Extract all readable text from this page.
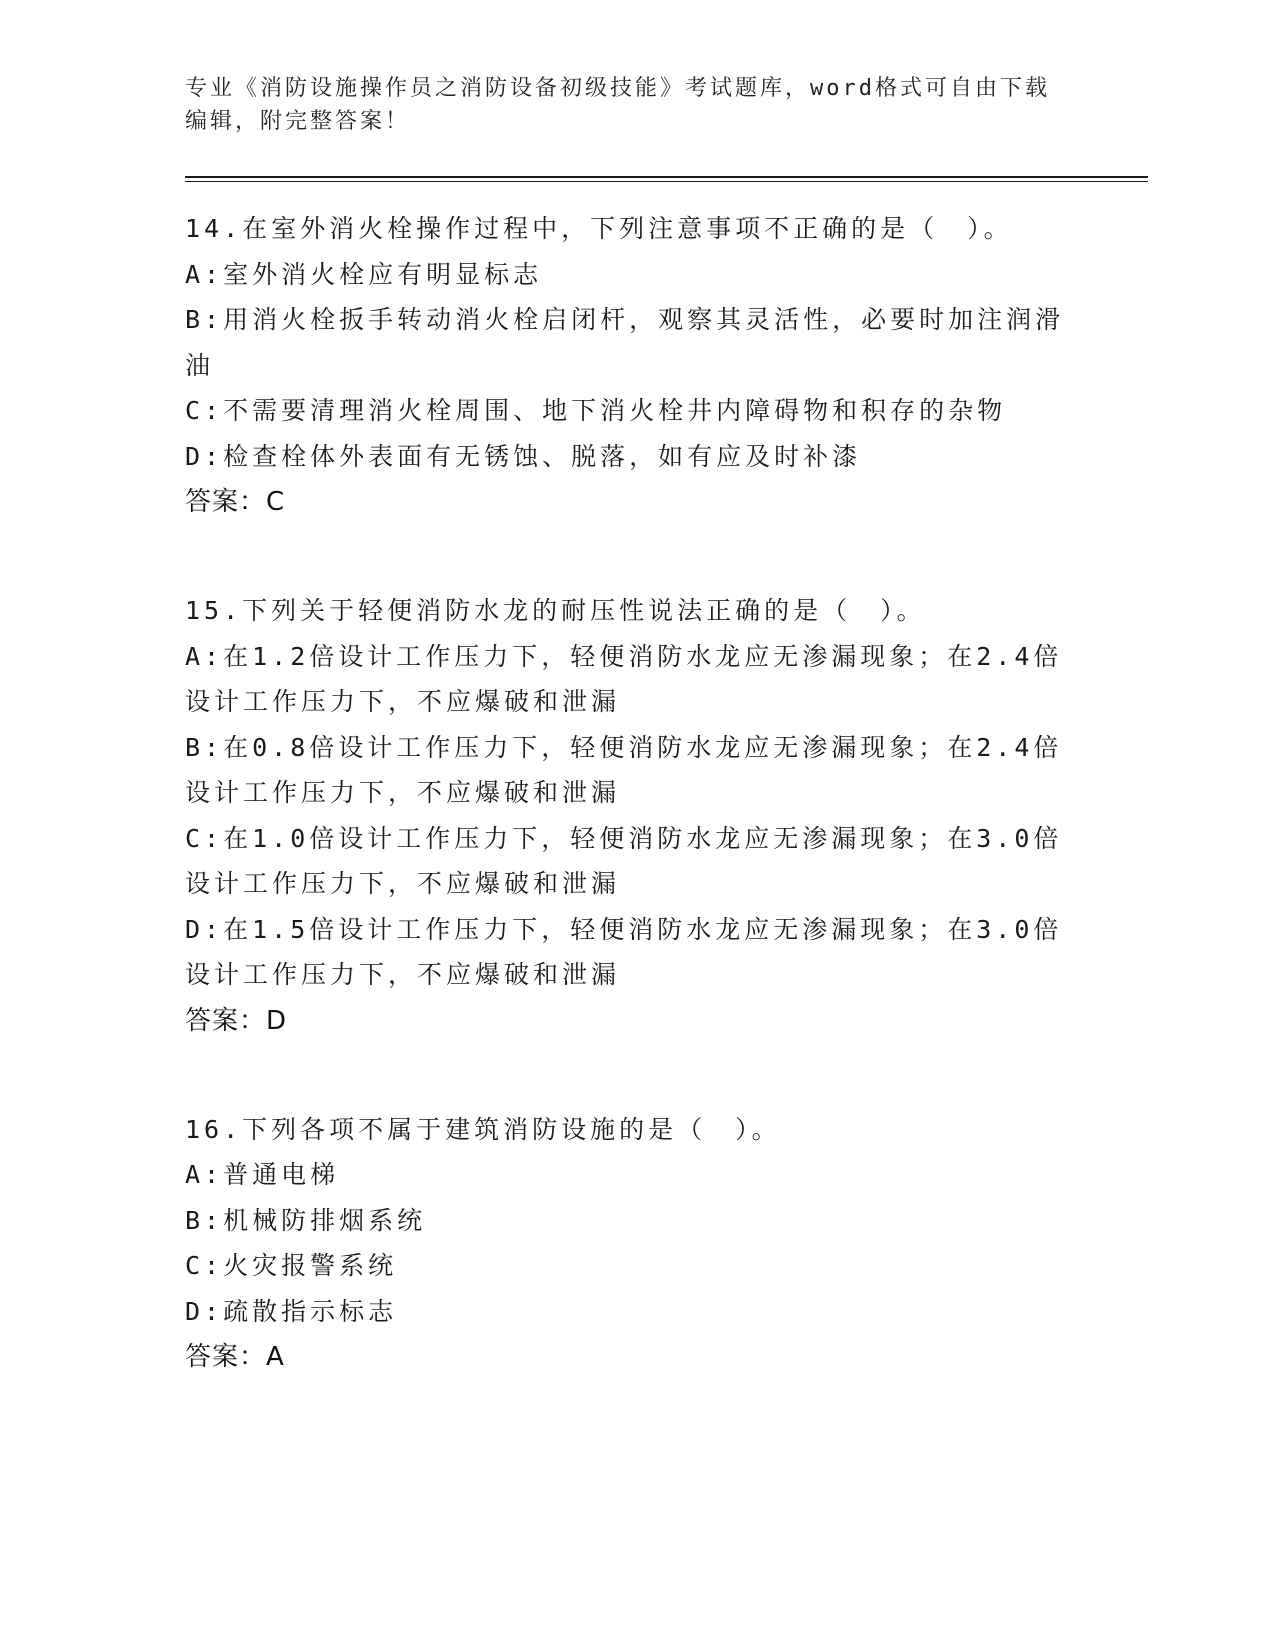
专业《消防设施操作员之消防设备初级技能》考试题库，word格式可自由下载编辑，附完整答案！
14.在室外消火栓操作过程中，下列注意事项不正确的是（　）。
A:室外消火栓应有明显标志
B:用消火栓扳手转动消火栓启闭杆，观察其灵活性，必要时加注润滑油
C:不需要清理消火栓周围、地下消火栓井内障碍物和积存的杂物
D:检查栓体外表面有无锈蚀、脱落，如有应及时补漆
答案：C
15.下列关于轻便消防水龙的耐压性说法正确的是（　）。
A:在1.2倍设计工作压力下，轻便消防水龙应无渗漏现象；在2.4倍设计工作压力下，不应爆破和泄漏
B:在0.8倍设计工作压力下，轻便消防水龙应无渗漏现象；在2.4倍设计工作压力下，不应爆破和泄漏
C:在1.0倍设计工作压力下，轻便消防水龙应无渗漏现象；在3.0倍设计工作压力下，不应爆破和泄漏
D:在1.5倍设计工作压力下，轻便消防水龙应无渗漏现象；在3.0倍设计工作压力下，不应爆破和泄漏
答案：D
16.下列各项不属于建筑消防设施的是（　）。
A:普通电梯
B:机械防排烟系统
C:火灾报警系统
D:疏散指示标志
答案：A
